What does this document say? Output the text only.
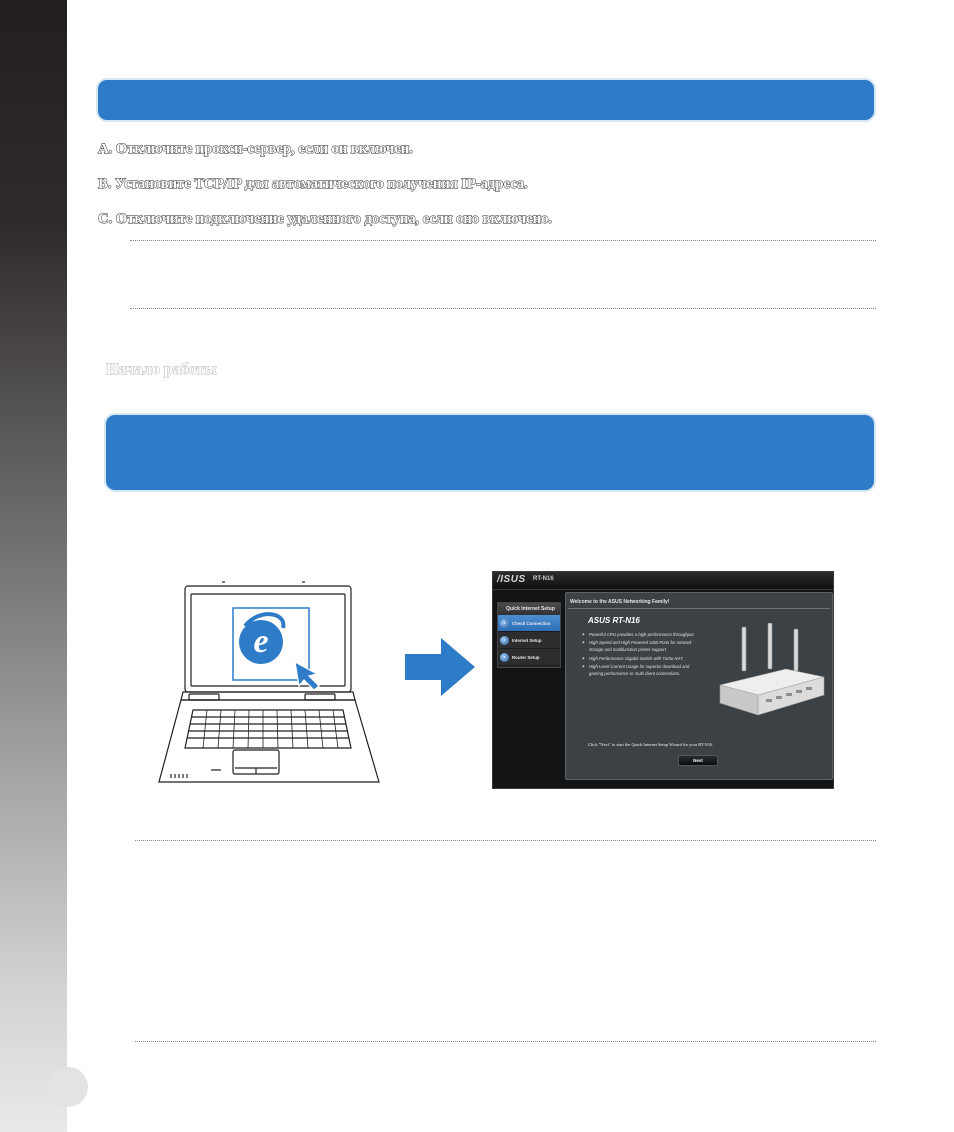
A. Отключите прокси-сервер, если он включен.
B. Установите TCP/IP для автоматического получения IP-адреса.
C. Отключите подключение удаленного доступа, если оно включено.
Начало работы
e
/ISUS RT-N16
Quick Internet Setup
1	Check Connection
2	Internet Setup
3	Router Setup
Welcome to the ASUS Networking Family!
ASUS RT-N16
◆ Powerful CPU provides a high-performance throughput.
◆ High Speed and High Powered USB Ports for network storage and multifunction printer support.
◆ High Performance Gigabit Switch with Turbo NAT.
◆ High Level Current Usage for superior download and gaming performance or multi client connections.
Click "Next" to start the Quick Internet Setup Wizard for your RT-N16.
Next
